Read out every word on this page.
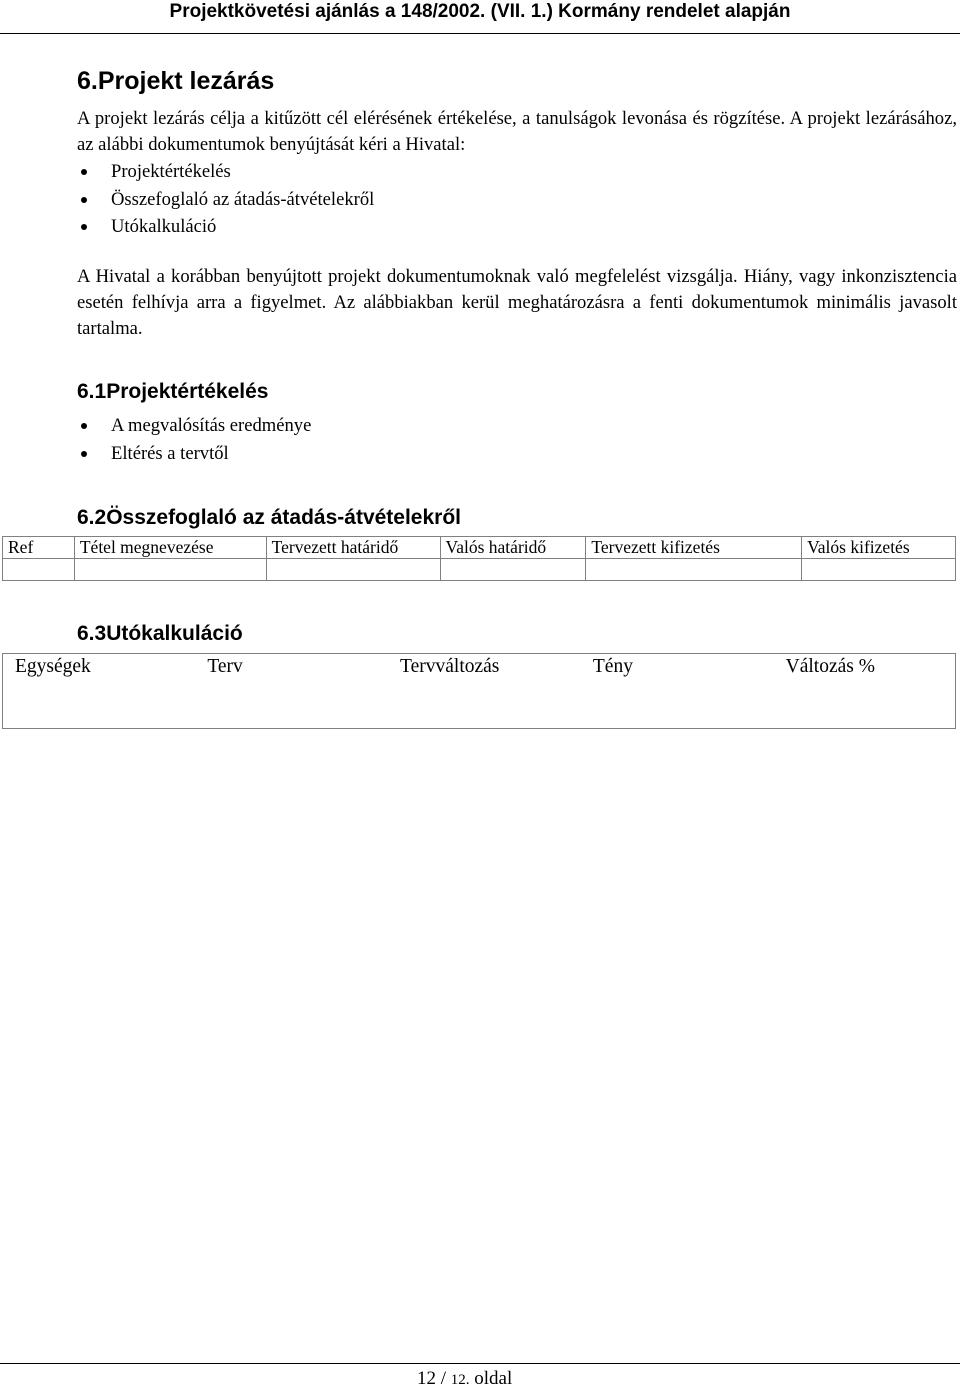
Projektkövetési ajánlás a 148/2002. (VII. 1.) Kormány rendelet alapján
6.Projekt lezárás
A projekt lezárás célja a kitűzött cél elérésének értékelése, a tanulságok levonása és rögzítése. A projekt lezárásához, az alábbi dokumentumok benyújtását kéri a Hivatal:
Projektértékelés
Összefoglaló az átadás-átvételekről
Utókalkuláció
A Hivatal a korábban benyújtott projekt dokumentumoknak való megfelelést vizsgálja. Hiány, vagy inkonzisztencia esetén felhívja arra a figyelmet. Az alábbiakban kerül meghatározásra a fenti dokumentumok minimális javasolt tartalma.
6.1Projektértékelés
A megvalósítás eredménye
Eltérés a tervtől
6.2Összefoglaló az átadás-átvételekről
Ref	Tétel megnevezése	Tervezett határidő	Valós határidő	Tervezett kifizetés	Valós kifizetés

6.3Utókalkuláció
Egységek	Terv	Tervváltozás	Tény	Változás %
12 / 12. oldal
